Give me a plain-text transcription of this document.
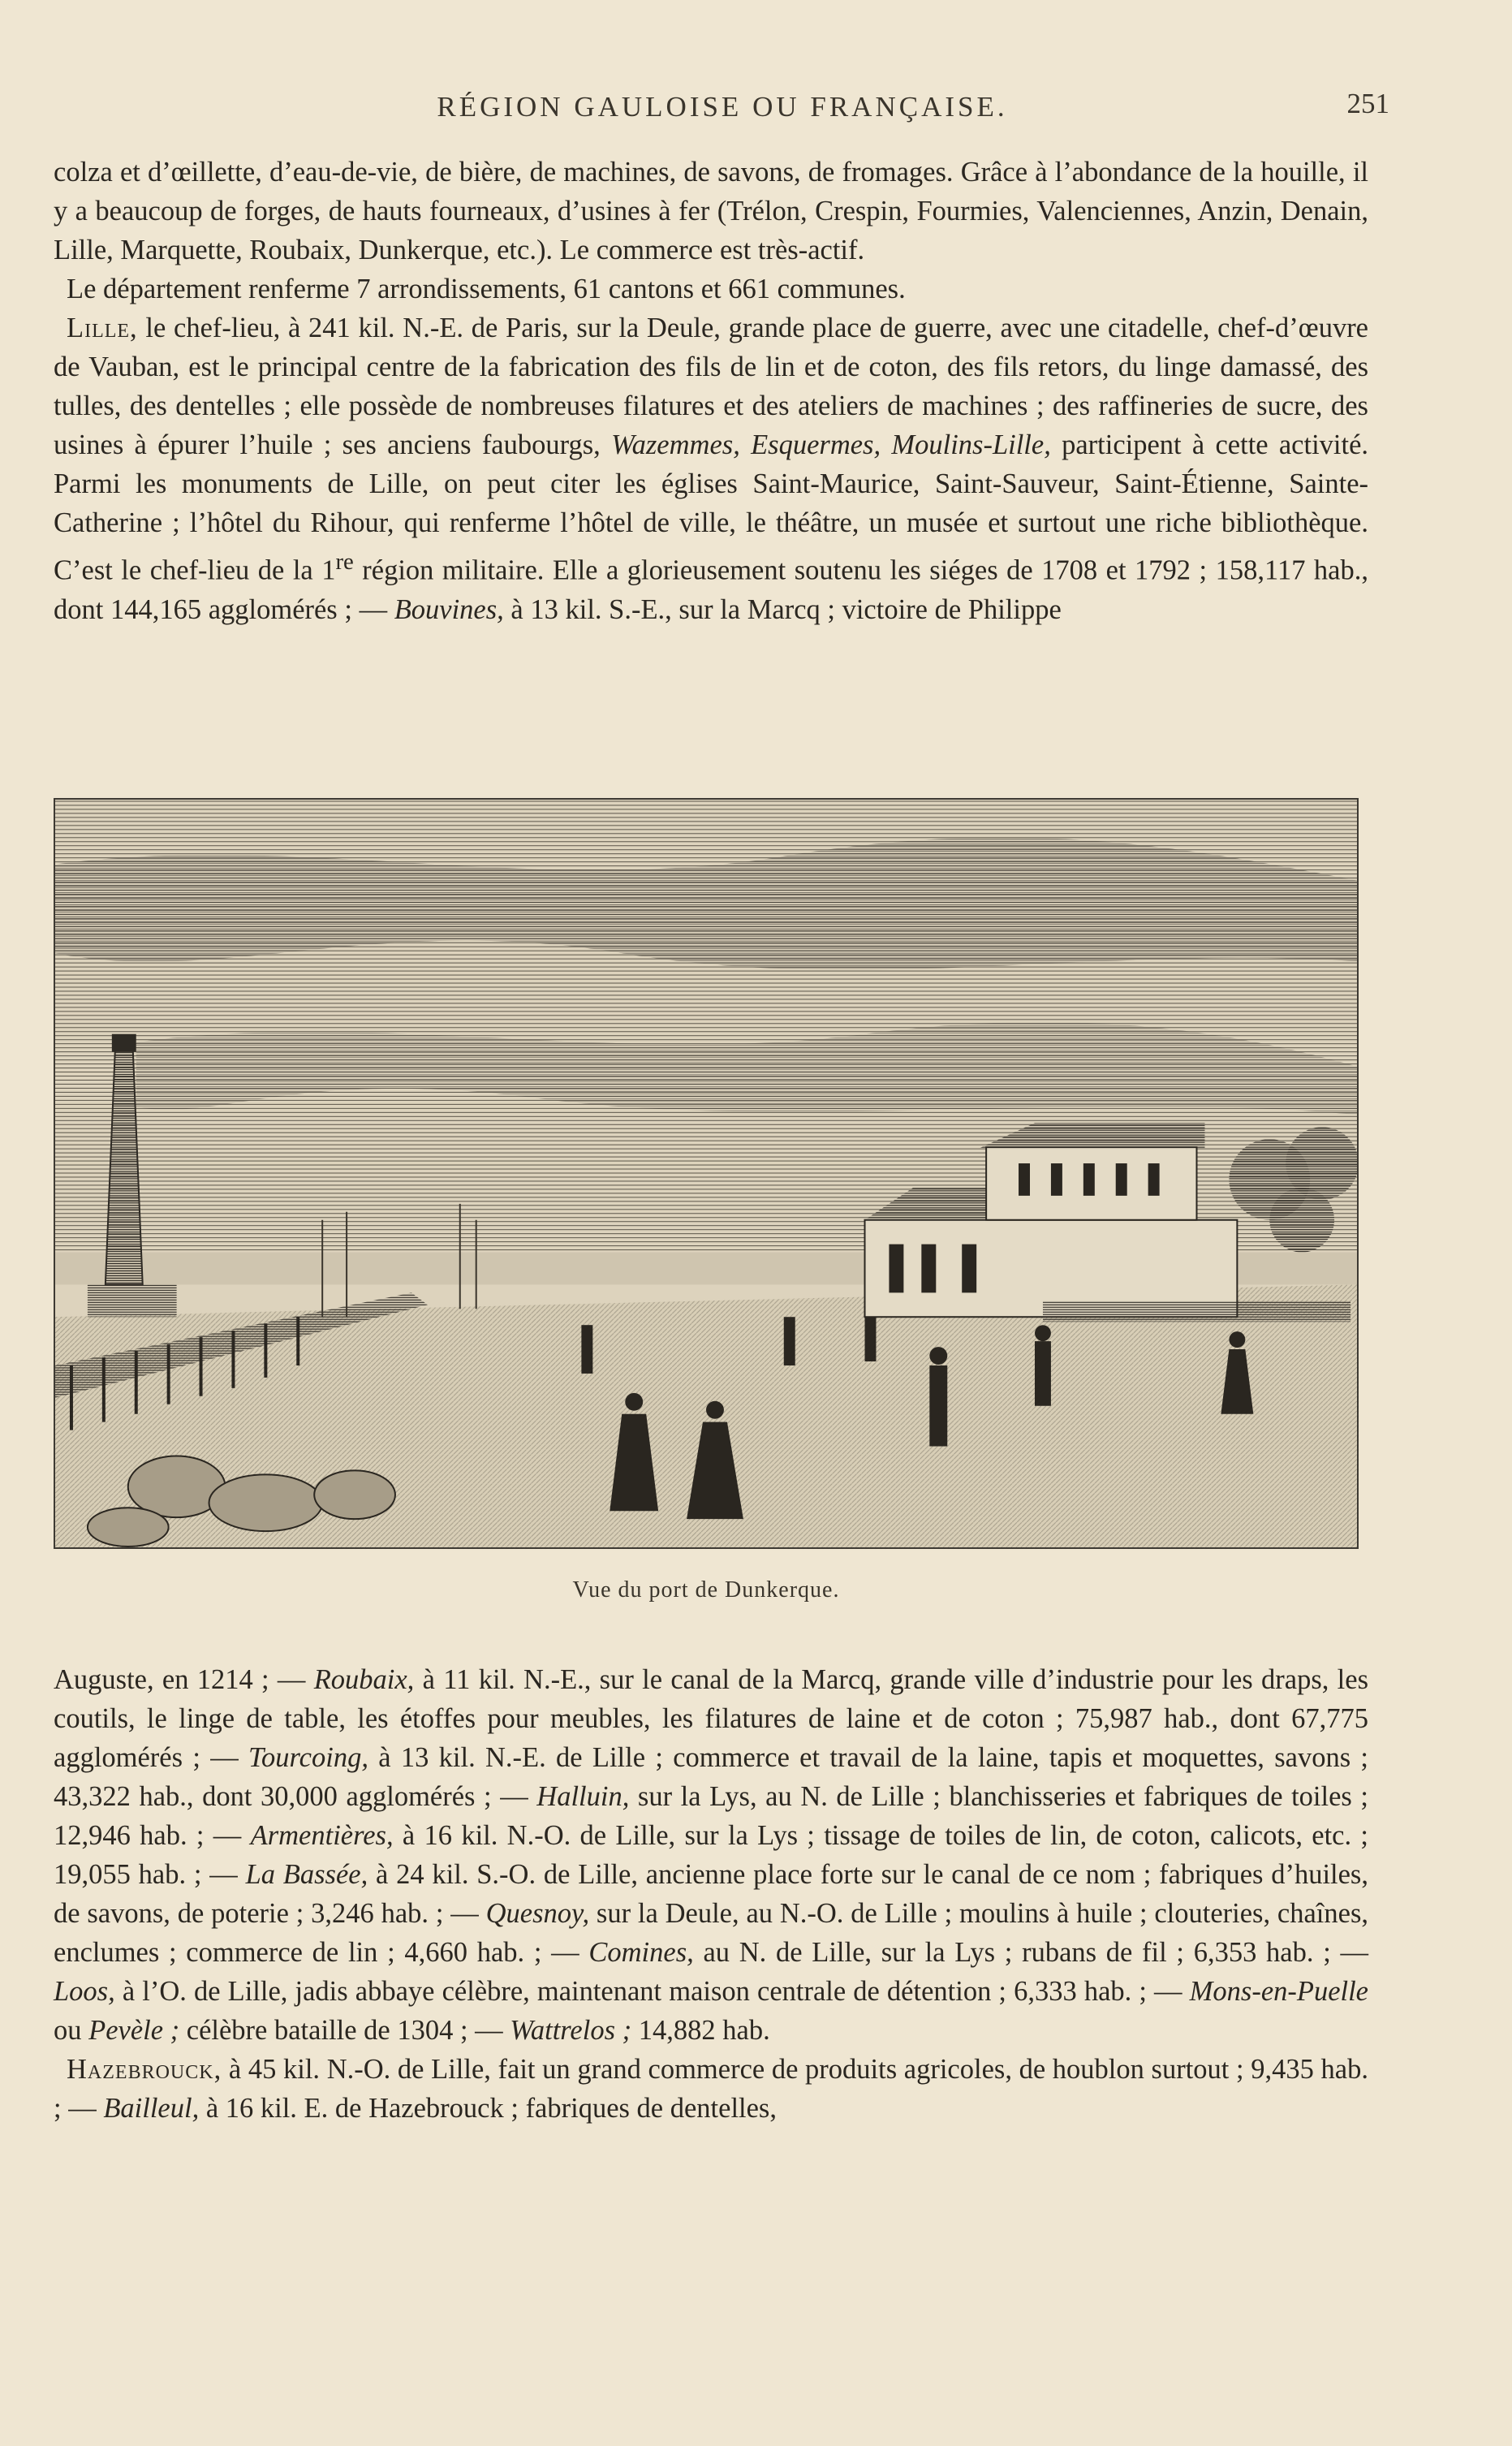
RÉGION GAULOISE OU FRANÇAISE.	251

colza et d’œillette, d’eau-de-vie, de bière, de machines, de savons, de fromages. Grâce à l’abondance de la houille, il y a beaucoup de forges, de hauts fourneaux, d’usines à fer (Trélon, Crespin, Fourmies, Valenciennes, Anzin, Denain, Lille, Marquette, Roubaix, Dunkerque, etc.). Le commerce est très-actif.

Le département renferme 7 arrondissements, 61 cantons et 661 communes.

Lille, le chef-lieu, à 241 kil. N.-E. de Paris, sur la Deule, grande place de guerre, avec une citadelle, chef-d’œuvre de Vauban, est le principal centre de la fabrication des fils de lin et de coton, des fils retors, du linge damassé, des tulles, des dentelles ; elle possède de nombreuses filatures et des ateliers de machines ; des raffineries de sucre, des usines à épurer l’huile ; ses anciens faubourgs, Wazemmes, Esquermes, Moulins-Lille, participent à cette activité. Parmi les monuments de Lille, on peut citer les églises Saint-Maurice, Saint-Sauveur, Saint-Étienne, Sainte-Catherine ; l’hôtel du Rihour, qui renferme l’hôtel de ville, le théâtre, un musée et surtout une riche bibliothèque. C’est le chef-lieu de la 1re région militaire. Elle a glorieusement soutenu les siéges de 1708 et 1792 ; 158,117 hab., dont 144,165 agglomérés ; — Bouvines, à 13 kil. S.-E., sur la Marcq ; victoire de Philippe

Vue du port de Dunkerque.

Auguste, en 1214 ; — Roubaix, à 11 kil. N.-E., sur le canal de la Marcq, grande ville d’industrie pour les draps, les coutils, le linge de table, les étoffes pour meubles, les filatures de laine et de coton ; 75,987 hab., dont 67,775 agglomérés ; — Tourcoing, à 13 kil. N.-E. de Lille ; commerce et travail de la laine, tapis et moquettes, savons ; 43,322 hab., dont 30,000 agglomérés ; — Halluin, sur la Lys, au N. de Lille ; blanchisseries et fabriques de toiles ; 12,946 hab. ; — Armentières, à 16 kil. N.-O. de Lille, sur la Lys ; tissage de toiles de lin, de coton, calicots, etc. ; 19,055 hab. ; — La Bassée, à 24 kil. S.-O. de Lille, ancienne place forte sur le canal de ce nom ; fabriques d’huiles, de savons, de poterie ; 3,246 hab. ; — Quesnoy, sur la Deule, au N.-O. de Lille ; moulins à huile ; clouteries, chaînes, enclumes ; commerce de lin ; 4,660 hab. ; — Comines, au N. de Lille, sur la Lys ; rubans de fil ; 6,353 hab. ; — Loos, à l’O. de Lille, jadis abbaye célèbre, maintenant maison centrale de détention ; 6,333 hab. ; — Mons-en-Puelle ou Pevèle ; célèbre bataille de 1304 ; — Wattrelos ; 14,882 hab.

Hazebrouck, à 45 kil. N.-O. de Lille, fait un grand commerce de produits agricoles, de houblon surtout ; 9,435 hab. ; — Bailleul, à 16 kil. E. de Hazebrouck ; fabriques de dentelles,
